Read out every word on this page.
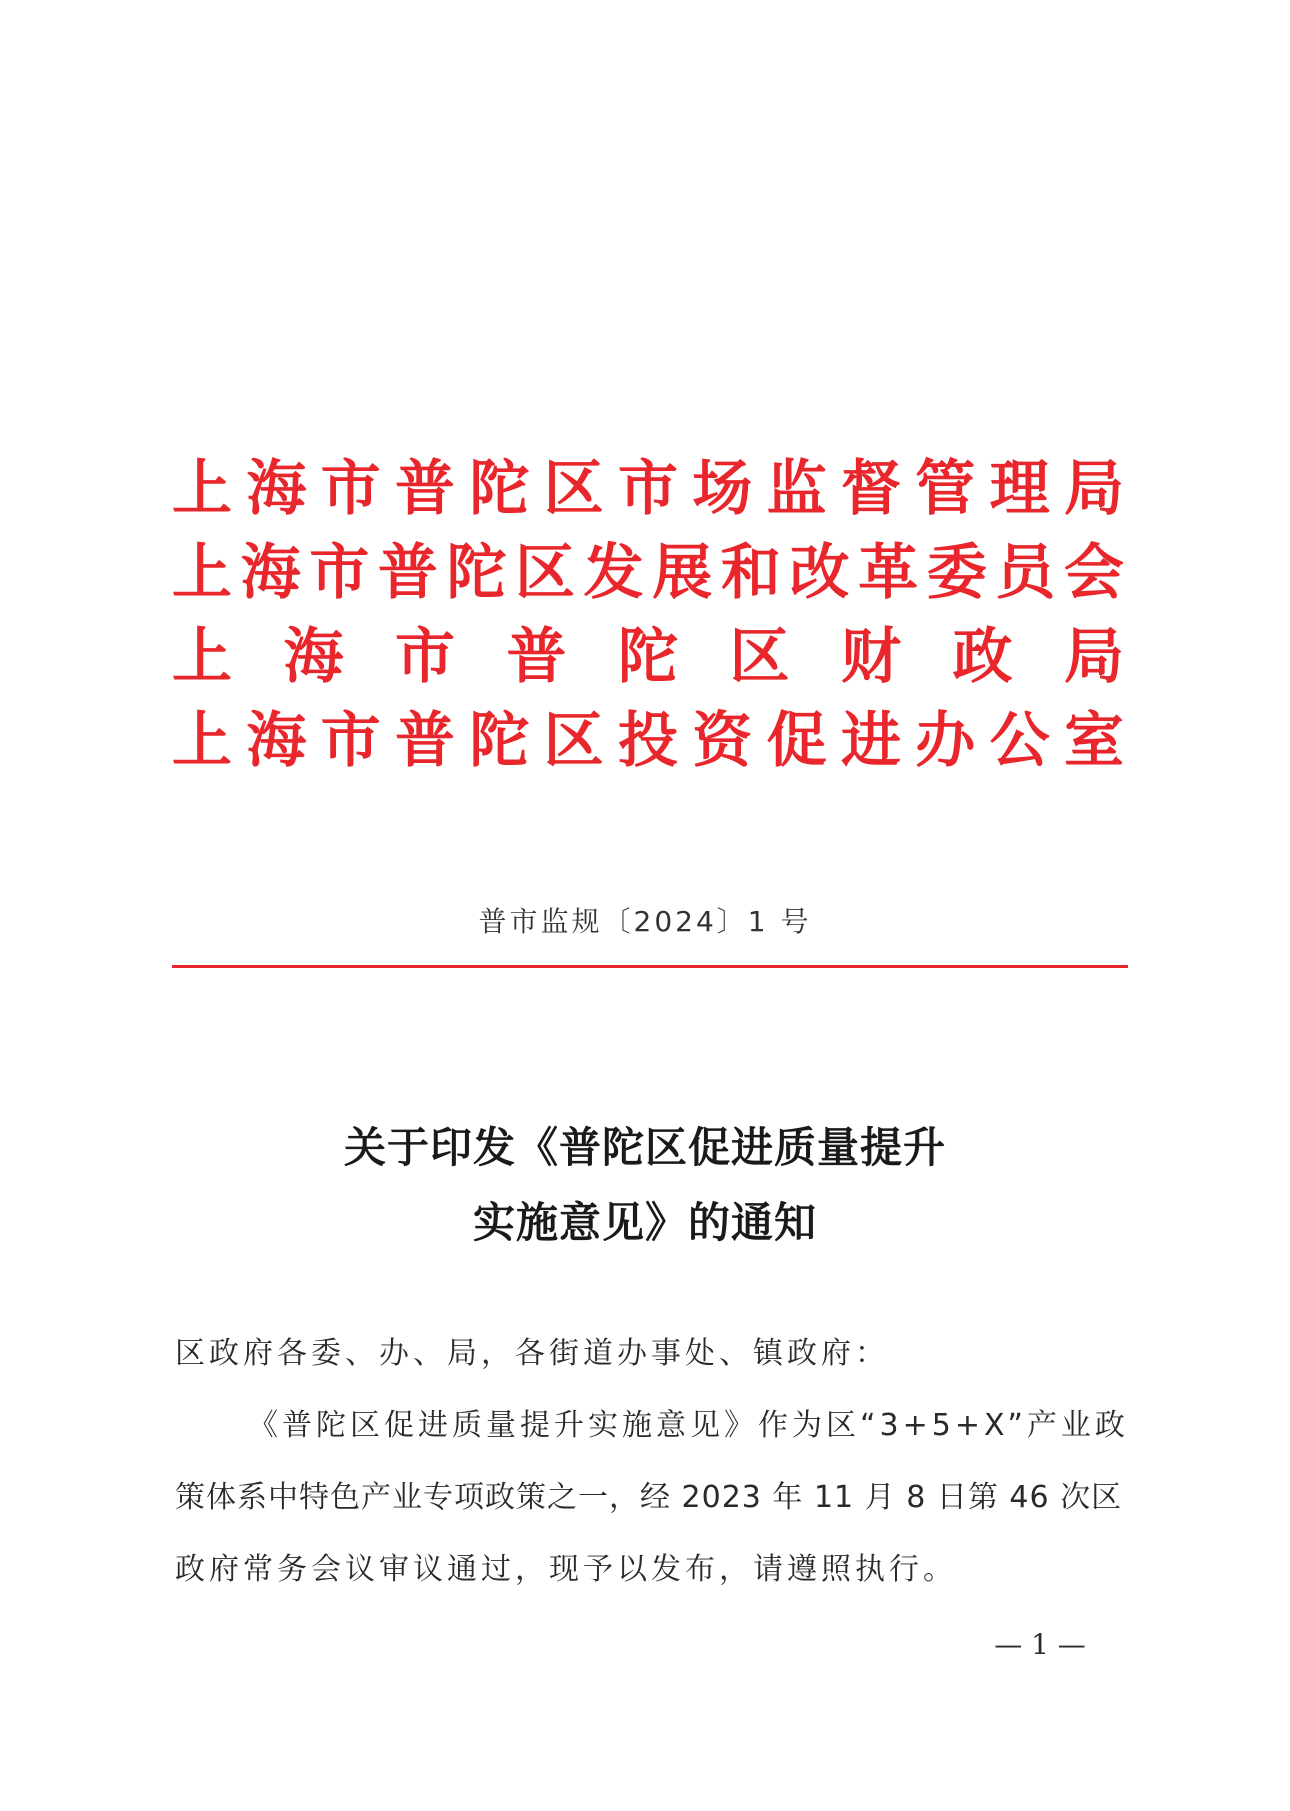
上 海 市 普 陀 区 市 场 监 督 管 理 局
上 海 市 普 陀 区 发 展 和 改 革 委 员 会
上 海 市 普 陀 区 财 政 局
上 海 市 普 陀 区 投 资 促 进 办 公 室
普市监规〔2024〕1 号
关于印发《普陀区促进质量提升
实施意见》的通知
区政府各委、办、局，各街道办事处、镇政府：
《普陀区促进质量提升实施意见》作为区“3+5+X”产业政
策体系中特色产业专项政策之一，经 2023 年 11 月 8 日第 46 次区
政府常务会议审议通过，现予以发布，请遵照执行。
— 1 —
